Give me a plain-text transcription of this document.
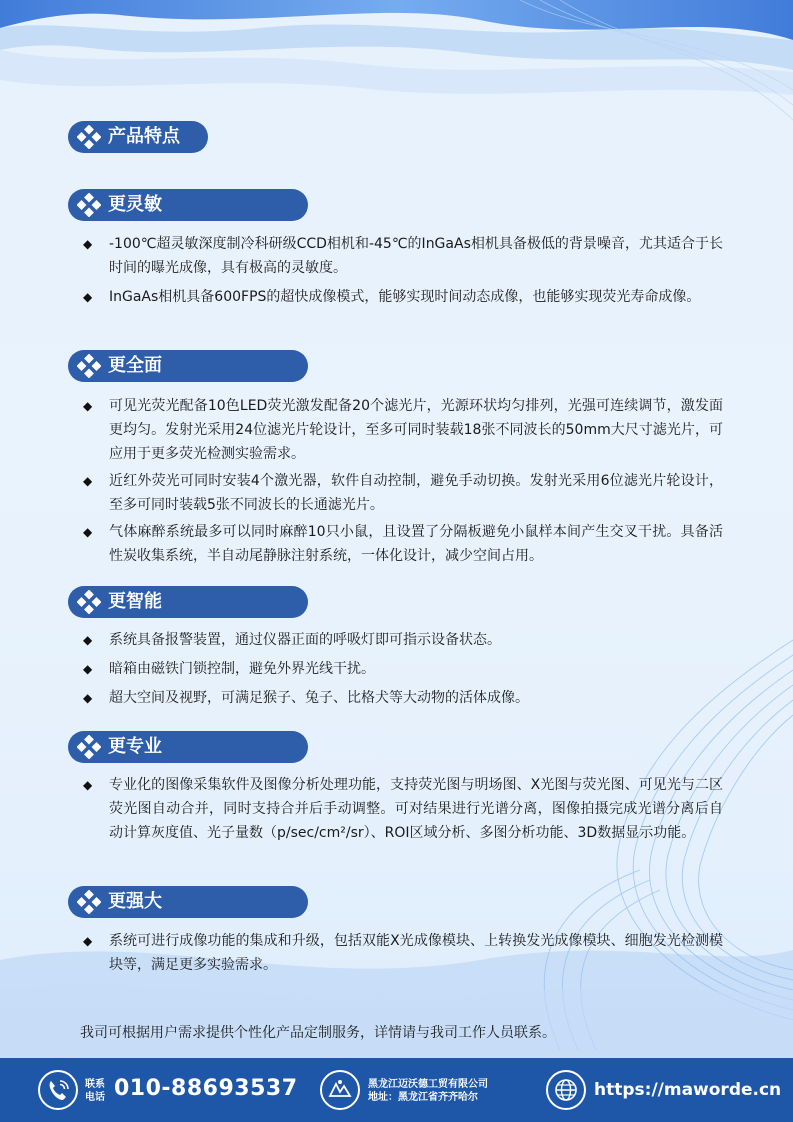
产品特点
更灵敏
◆ -100℃超灵敏深度制冷科研级CCD相机和-45℃的InGaAs相机具备极低的背景噪音，尤其适合于长时间的曝光成像，具有极高的灵敏度。
◆ InGaAs相机具备600FPS的超快成像模式，能够实现时间动态成像，也能够实现荧光寿命成像。
更全面
◆ 可见光荧光配备10色LED荧光激发配备20个滤光片，光源环状均匀排列，光强可连续调节，激发面更均匀。发射光采用24位滤光片轮设计，至多可同时装载18张不同波长的50mm大尺寸滤光片，可应用于更多荧光检测实验需求。
◆ 近红外荧光可同时安装4个激光器，软件自动控制，避免手动切换。发射光采用6位滤光片轮设计，至多可同时装载5张不同波长的长通滤光片。
◆ 气体麻醉系统最多可以同时麻醉10只小鼠，且设置了分隔板避免小鼠样本间产生交叉干扰。具备活性炭收集系统，半自动尾静脉注射系统，一体化设计，减少空间占用。
更智能
◆ 系统具备报警装置，通过仪器正面的呼吸灯即可指示设备状态。
◆ 暗箱由磁铁门锁控制，避免外界光线干扰。
◆ 超大空间及视野，可满足猴子、兔子、比格犬等大动物的活体成像。
更专业
◆ 专业化的图像采集软件及图像分析处理功能，支持荧光图与明场图、X光图与荧光图、可见光与二区荧光图自动合并，同时支持合并后手动调整。可对结果进行光谱分离，图像拍摄完成光谱分离后自动计算灰度值、光子量数（p/sec/cm²/sr）、ROI区域分析、多图分析功能、3D数据显示功能。
更强大
◆ 系统可进行成像功能的集成和升级，包括双能X光成像模块、上转换发光成像模块、细胞发光检测模块等，满足更多实验需求。
我司可根据用户需求提供个性化产品定制服务，详情请与我司工作人员联系。
联系
电话 010-88693537	黑龙江迈沃德工贸有限公司
地址：黑龙江省齐齐哈尔	https://maworde.cn
